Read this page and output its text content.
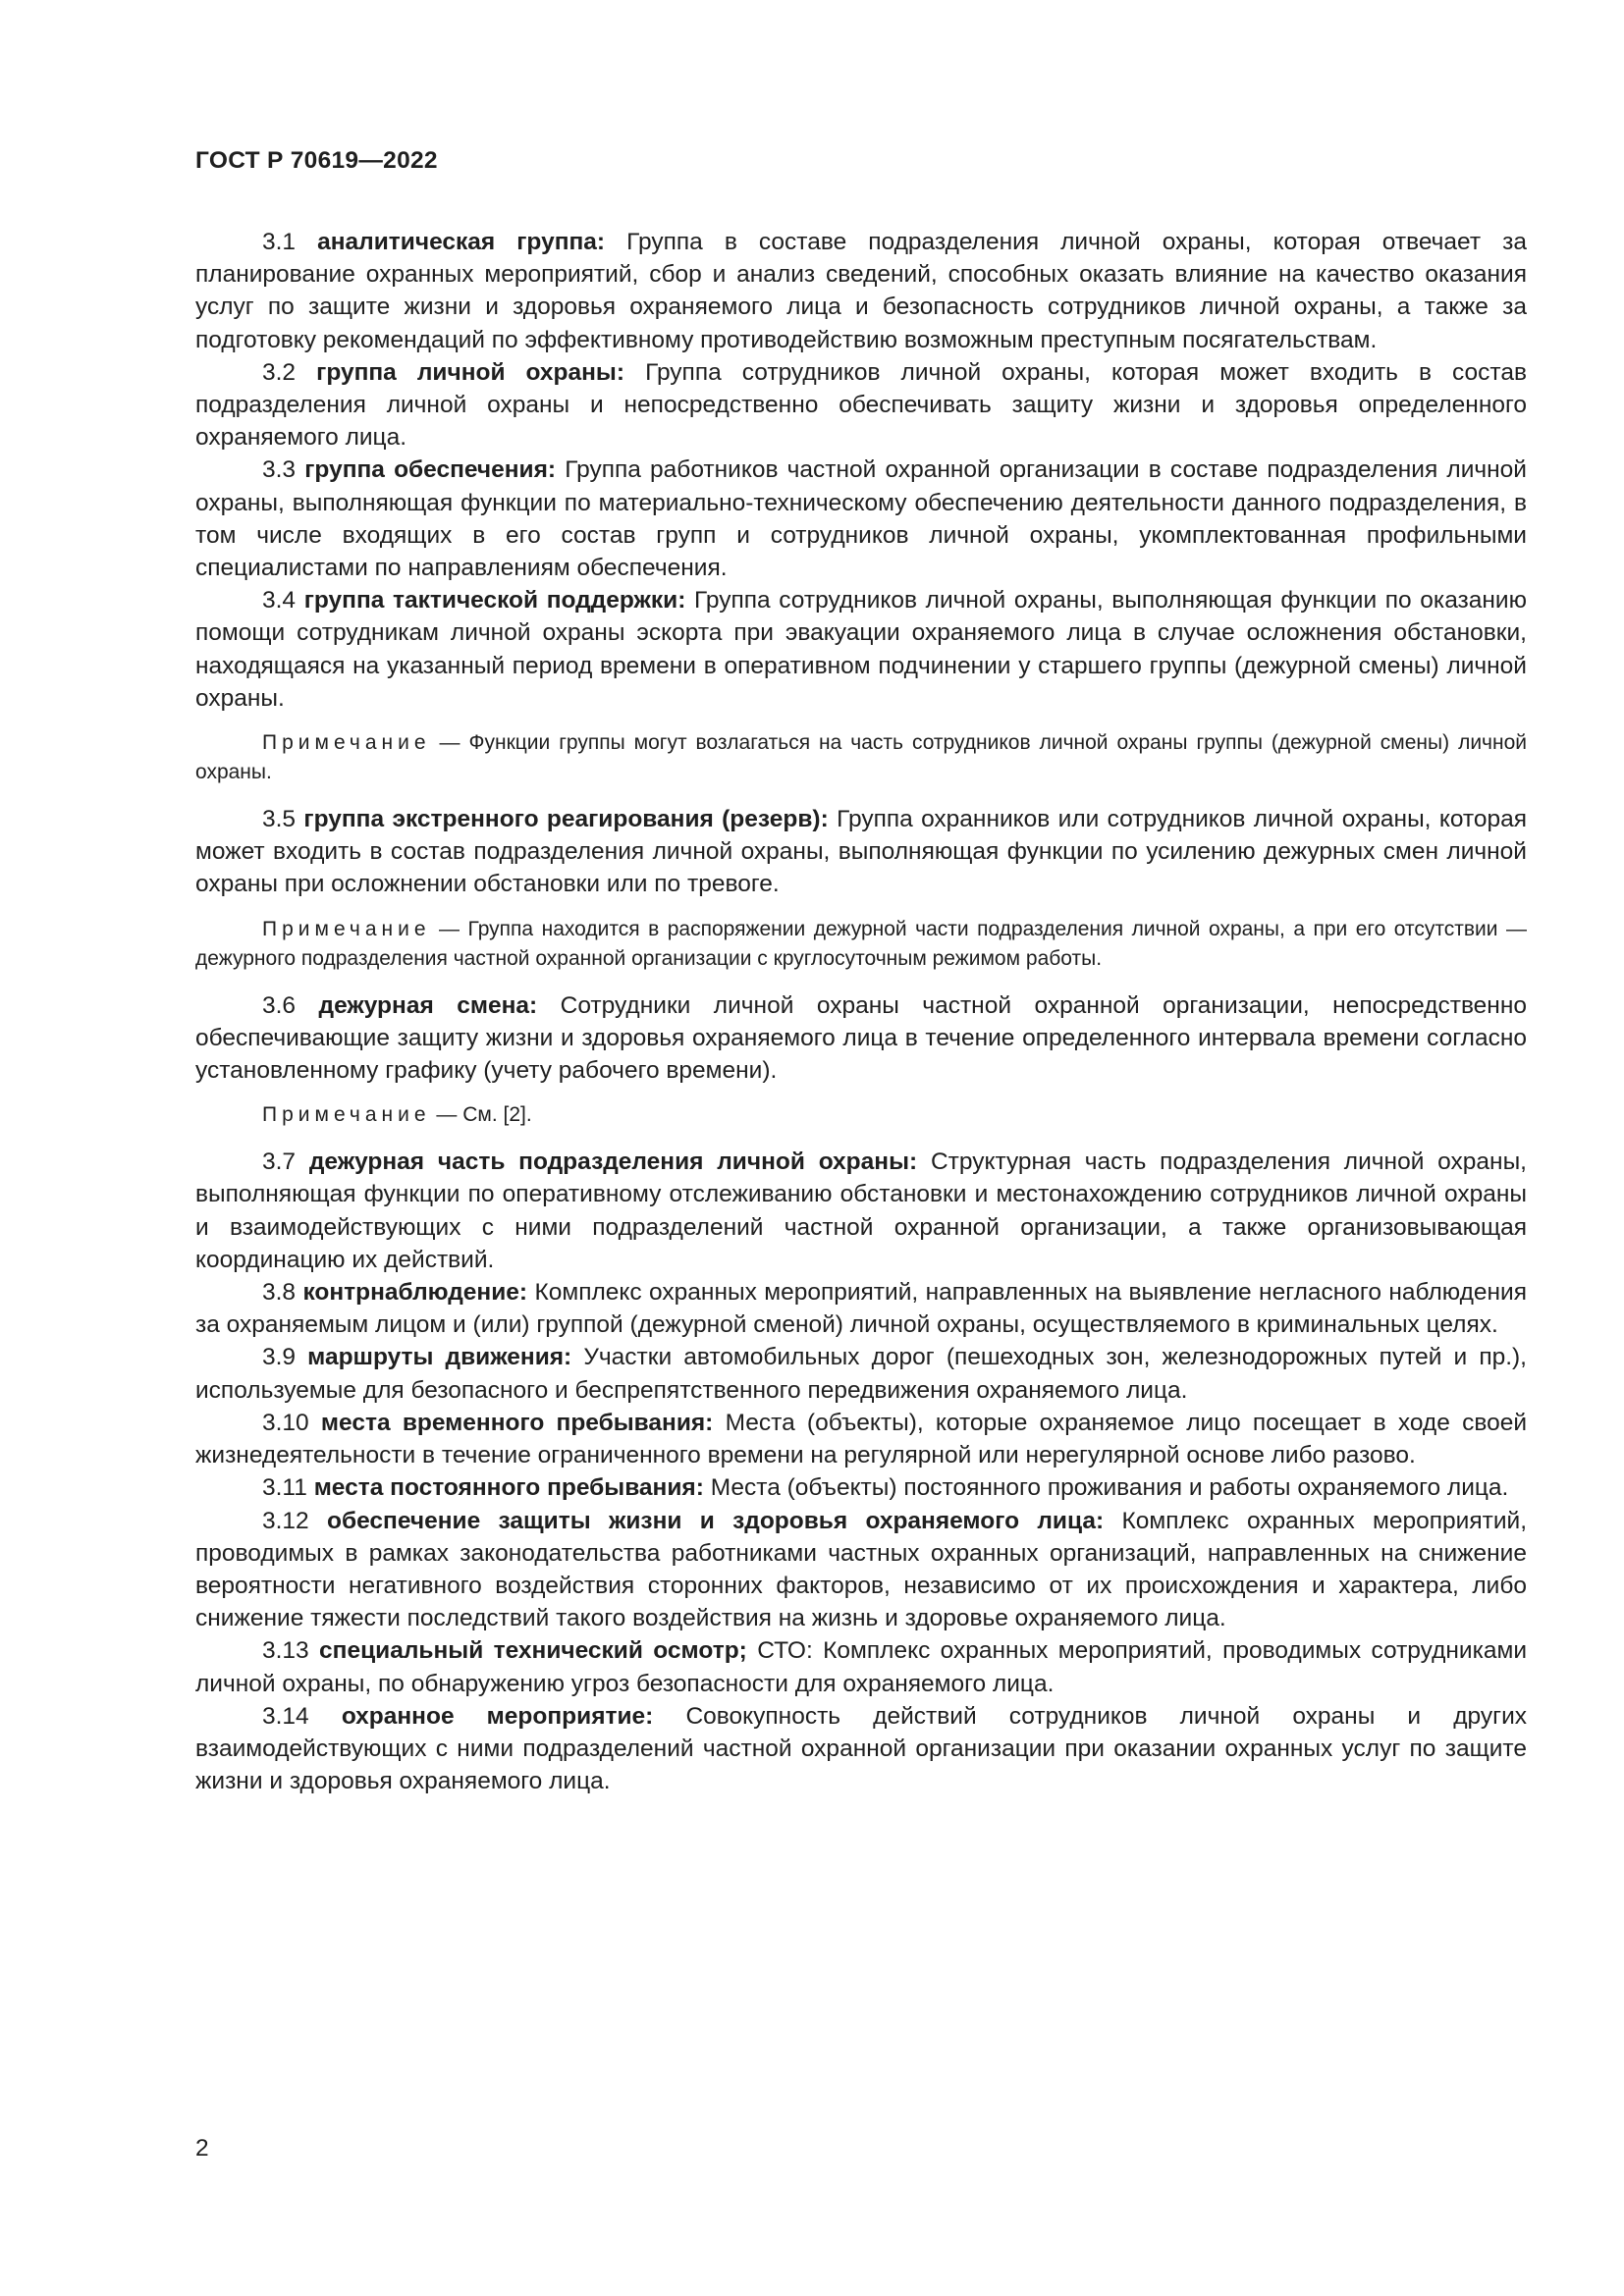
ГОСТ Р 70619—2022

3.1 аналитическая группа: Группа в составе подразделения личной охраны, которая отвечает за планирование охранных мероприятий, сбор и анализ сведений, способных оказать влияние на качество оказания услуг по защите жизни и здоровья охраняемого лица и безопасность сотрудников личной охраны, а также за подготовку рекомендаций по эффективному противодействию возможным преступным посягательствам.

3.2 группа личной охраны: Группа сотрудников личной охраны, которая может входить в состав подразделения личной охраны и непосредственно обеспечивать защиту жизни и здоровья определенного охраняемого лица.

3.3 группа обеспечения: Группа работников частной охранной организации в составе подразделения личной охраны, выполняющая функции по материально-техническому обеспечению деятельности данного подразделения, в том числе входящих в его состав групп и сотрудников личной охраны, укомплектованная профильными специалистами по направлениям обеспечения.

3.4 группа тактической поддержки: Группа сотрудников личной охраны, выполняющая функции по оказанию помощи сотрудникам личной охраны эскорта при эвакуации охраняемого лица в случае осложнения обстановки, находящаяся на указанный период времени в оперативном подчинении у старшего группы (дежурной смены) личной охраны.

Примечание — Функции группы могут возлагаться на часть сотрудников личной охраны группы (дежурной смены) личной охраны.

3.5 группа экстренного реагирования (резерв): Группа охранников или сотрудников личной охраны, которая может входить в состав подразделения личной охраны, выполняющая функции по усилению дежурных смен личной охраны при осложнении обстановки или по тревоге.

Примечание — Группа находится в распоряжении дежурной части подразделения личной охраны, а при его отсутствии — дежурного подразделения частной охранной организации с круглосуточным режимом работы.

3.6 дежурная смена: Сотрудники личной охраны частной охранной организации, непосредственно обеспечивающие защиту жизни и здоровья охраняемого лица в течение определенного интервала времени согласно установленному графику (учету рабочего времени).

Примечание — См. [2].

3.7 дежурная часть подразделения личной охраны: Структурная часть подразделения личной охраны, выполняющая функции по оперативному отслеживанию обстановки и местонахождению сотрудников личной охраны и взаимодействующих с ними подразделений частной охранной организации, а также организовывающая координацию их действий.

3.8 контрнаблюдение: Комплекс охранных мероприятий, направленных на выявление негласного наблюдения за охраняемым лицом и (или) группой (дежурной сменой) личной охраны, осуществляемого в криминальных целях.

3.9 маршруты движения: Участки автомобильных дорог (пешеходных зон, железнодорожных путей и пр.), используемые для безопасного и беспрепятственного передвижения охраняемого лица.

3.10 места временного пребывания: Места (объекты), которые охраняемое лицо посещает в ходе своей жизнедеятельности в течение ограниченного времени на регулярной или нерегулярной основе либо разово.

3.11 места постоянного пребывания: Места (объекты) постоянного проживания и работы охраняемого лица.

3.12 обеспечение защиты жизни и здоровья охраняемого лица: Комплекс охранных мероприятий, проводимых в рамках законодательства работниками частных охранных организаций, направленных на снижение вероятности негативного воздействия сторонних факторов, независимо от их происхождения и характера, либо снижение тяжести последствий такого воздействия на жизнь и здоровье охраняемого лица.

3.13 специальный технический осмотр; СТО: Комплекс охранных мероприятий, проводимых сотрудниками личной охраны, по обнаружению угроз безопасности для охраняемого лица.

3.14 охранное мероприятие: Совокупность действий сотрудников личной охраны и других взаимодействующих с ними подразделений частной охранной организации при оказании охранных услуг по защите жизни и здоровья охраняемого лица.

2
